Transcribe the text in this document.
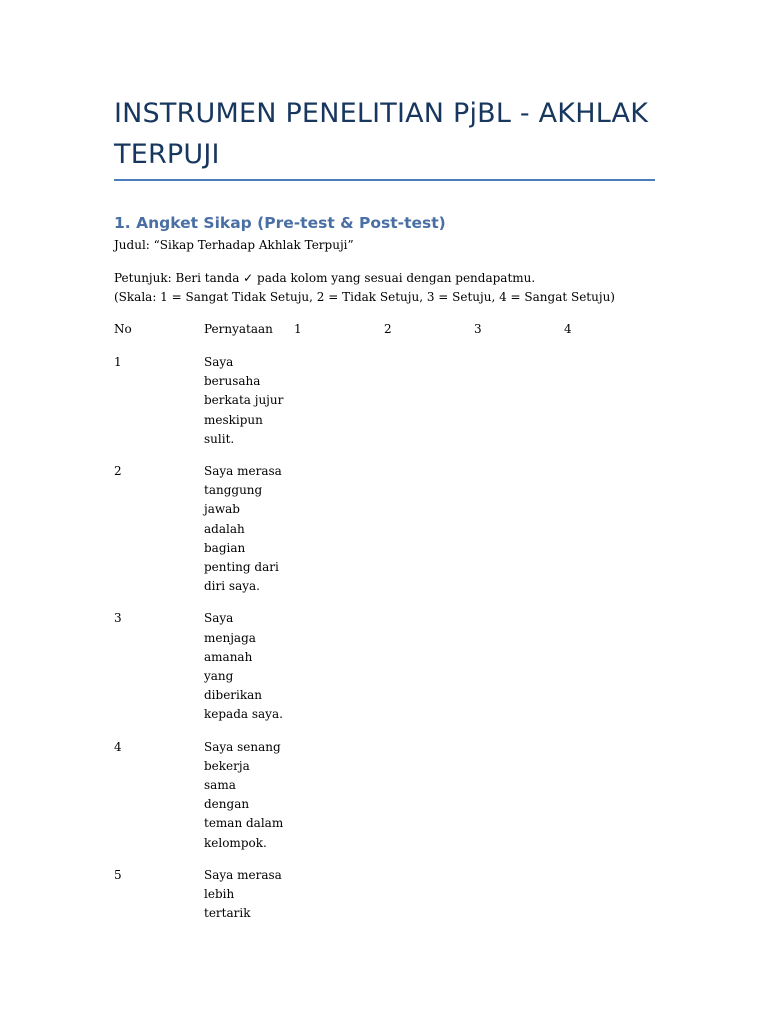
INSTRUMEN PENELITIAN PjBL - AKHLAK
TERPUJI
1. Angket Sikap (Pre-test & Post-test)
Judul: “Sikap Terhadap Akhlak Terpuji”
Petunjuk: Beri tanda ✓ pada kolom yang sesuai dengan pendapatmu.
(Skala: 1 = Sangat Tidak Setuju, 2 = Tidak Setuju, 3 = Setuju, 4 = Sangat Setuju)
No	Pernyataan	1	2	3	4
1	Saya
berusaha
berkata jujur
meskipun
sulit.
2	Saya merasa
tanggung
jawab
adalah
bagian
penting dari
diri saya.
3	Saya
menjaga
amanah
yang
diberikan
kepada saya.
4	Saya senang
bekerja
sama
dengan
teman dalam
kelompok.
5	Saya merasa
lebih
tertarik
